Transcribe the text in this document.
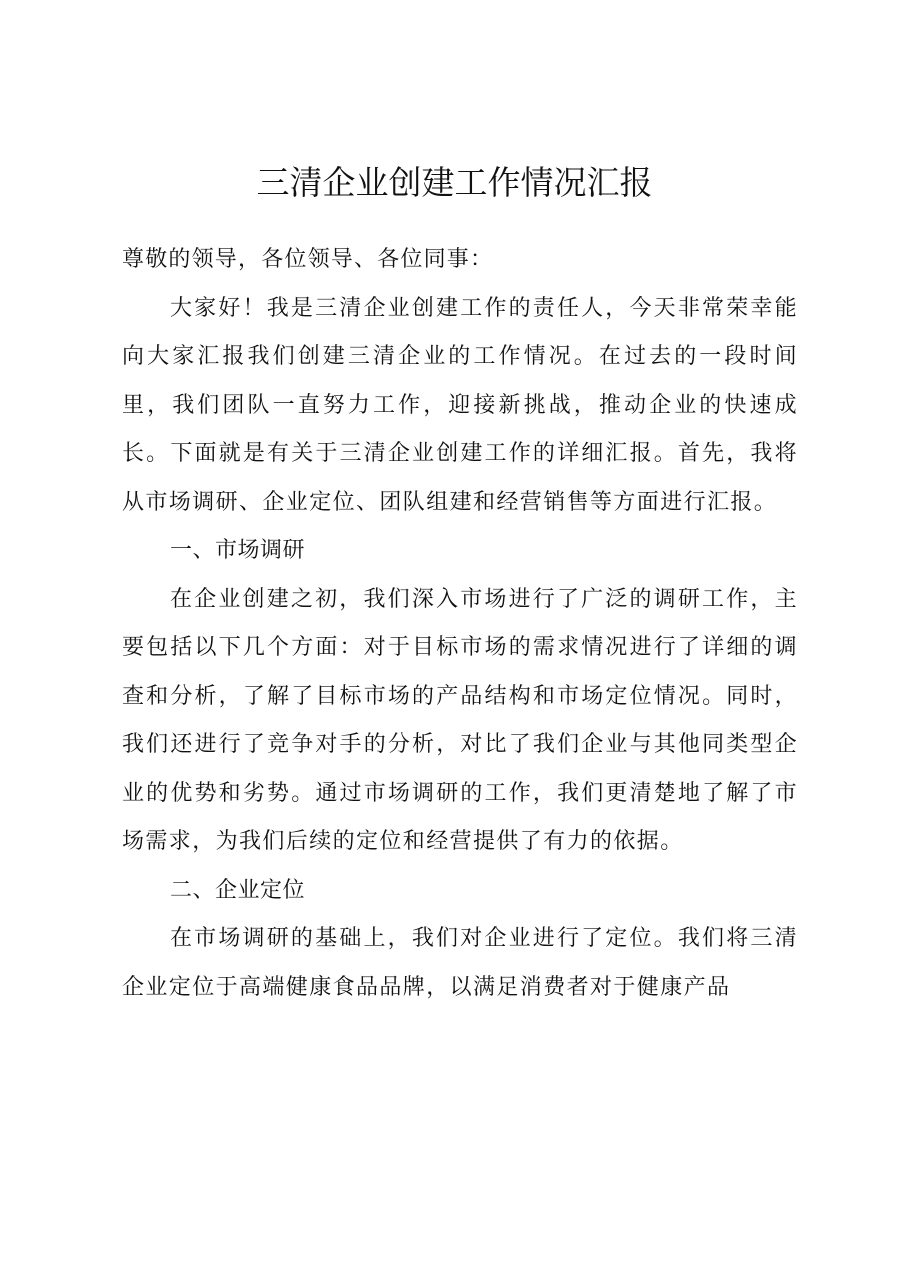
三清企业创建工作情况汇报

尊敬的领导，各位领导、各位同事：

大家好！我是三清企业创建工作的责任人，今天非常荣幸能向大家汇报我们创建三清企业的工作情况。在过去的一段时间里，我们团队一直努力工作，迎接新挑战，推动企业的快速成长。下面就是有关于三清企业创建工作的详细汇报。首先，我将从市场调研、企业定位、团队组建和经营销售等方面进行汇报。

一、市场调研

在企业创建之初，我们深入市场进行了广泛的调研工作，主要包括以下几个方面：对于目标市场的需求情况进行了详细的调查和分析，了解了目标市场的产品结构和市场定位情况。同时，我们还进行了竞争对手的分析，对比了我们企业与其他同类型企业的优势和劣势。通过市场调研的工作，我们更清楚地了解了市场需求，为我们后续的定位和经营提供了有力的依据。

二、企业定位

在市场调研的基础上，我们对企业进行了定位。我们将三清企业定位于高端健康食品品牌，以满足消费者对于健康产品
